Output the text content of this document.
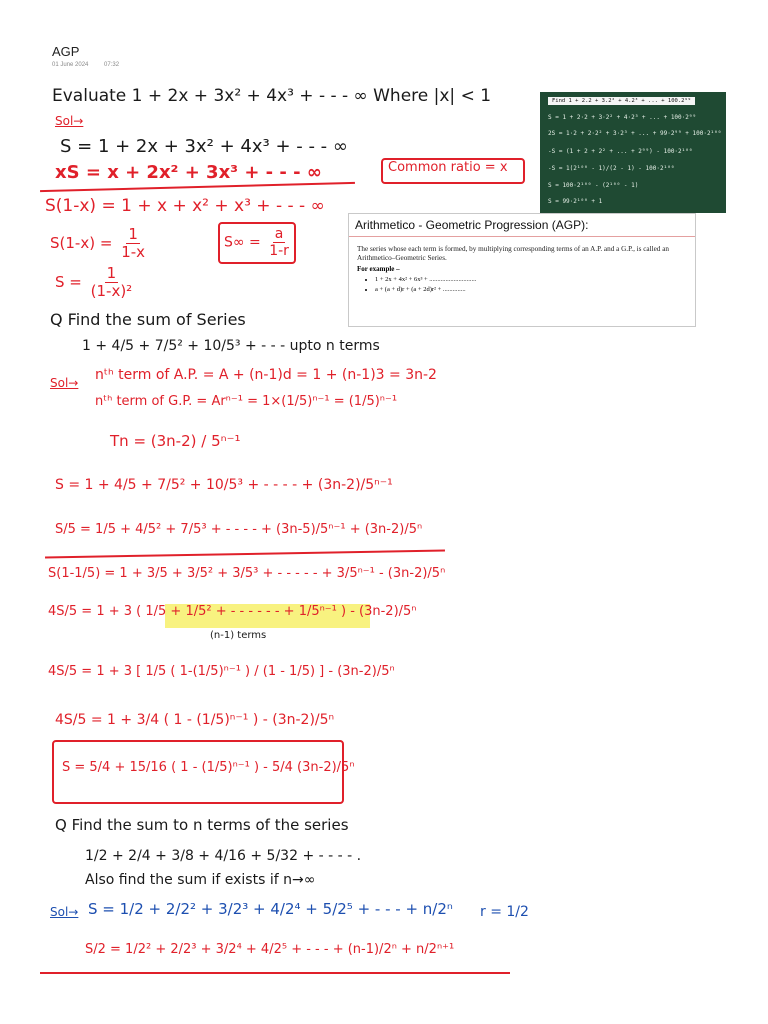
AGP
01 June 2024	07:32
Find 1 + 2.2 + 3.2² + 4.2³ + ... + 100.2⁹⁹
S = 1 + 2·2 + 3·2² + 4·2³ + ... + 100·2⁹⁹
2S = 1·2 + 2·2² + 3·2³ + ... + 99·2⁹⁹ + 100·2¹⁰⁰
-S = (1 + 2 + 2² + ... + 2⁹⁹) - 100·2¹⁰⁰
-S = 1(2¹⁰⁰ - 1)/(2 - 1) - 100·2¹⁰⁰
S = 100·2¹⁰⁰ - (2¹⁰⁰ - 1)
S = 99·2¹⁰⁰ + 1
Arithmetico - Geometric Progression (AGP):
The series whose each term is formed, by multiplying corresponding terms of an A.P. and a G.P., is called an Arithmetico–Geometric Series.
For example –
• 1 + 2x + 4x² + 6x³ + .............................
• a + (a + d)r + (a + 2d)r² + ..............
Evaluate 1 + 2x + 3x² + 4x³ + - - - ∞ Where |x| < 1
Sol→
S = 1 + 2x + 3x² + 4x³ + - - - ∞
xS = x + 2x² + 3x³ + - - - ∞	Common ratio = x
S(1-x) = 1 + x + x² + x³ + - - - ∞
$S(1-x) = \frac{1}{1-x}$	$S\infty = \frac{a}{1-r}$
$S = \frac{1}{\text{(1-x)²}}$
Q Find the sum of Series
1 + 4/5 + 7/5² + 10/5³ + - - - upto n terms
Sol→ nᵗʰ term of A.P. = A + (n-1)d = 1 + (n-1)3 = 3n-2
nᵗʰ term of G.P. = Arⁿ⁻¹ = 1×(1/5)ⁿ⁻¹ = (1/5)ⁿ⁻¹
Tn = (3n-2) / 5ⁿ⁻¹
S = 1 + 4/5 + 7/5² + 10/5³ + - - - - + (3n-2)/5ⁿ⁻¹
S/5 = 1/5 + 4/5² + 7/5³ + - - - - + (3n-5)/5ⁿ⁻¹ + (3n-2)/5ⁿ
S(1-1/5) = 1 + 3/5 + 3/5² + 3/5³ + - - - - - + 3/5ⁿ⁻¹ - (3n-2)/5ⁿ
4S/5 = 1 + 3 ( 1/5 + 1/5² + - - - - - - + 1/5ⁿ⁻¹ ) - (3n-2)/5ⁿ
(n-1) terms
4S/5 = 1 + 3 [ 1/5 ( 1-(1/5)ⁿ⁻¹ ) / (1 - 1/5) ] - (3n-2)/5ⁿ
4S/5 = 1 + 3/4 ( 1 - (1/5)ⁿ⁻¹ ) - (3n-2)/5ⁿ
S = 5/4 + 15/16 ( 1 - (1/5)ⁿ⁻¹ ) - 5/4 (3n-2)/5ⁿ
Q Find the sum to n terms of the series
1/2 + 2/4 + 3/8 + 4/16 + 5/32 + - - - - .
Also find the sum if exists if n→∞
Sol→ S = 1/2 + 2/2² + 3/2³ + 4/2⁴ + 5/2⁵ + - - - + n/2ⁿ r = 1/2
S/2 = 1/2² + 2/2³ + 3/2⁴ + 4/2⁵ + - - - + (n-1)/2ⁿ + n/2ⁿ⁺¹
